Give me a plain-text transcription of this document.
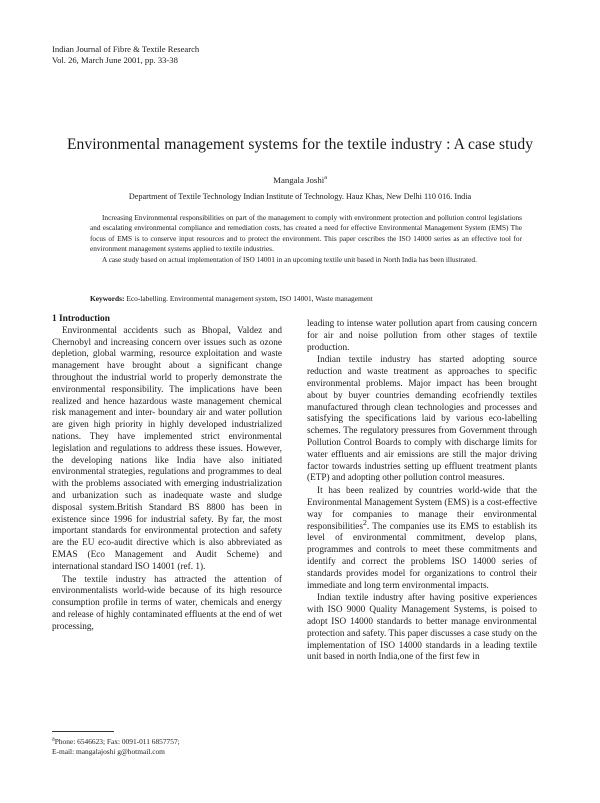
Indian Journal of Fibre & Textile Research
Vol. 26, March June 2001, pp. 33-38
Environmental management systems for the textile industry : A case study
Mangala Joshi$^a$
Department of Textile Technology Indian Institute of Technology. Hauz Khas, New Delhi 110 016. India

Increasing Environmental responsibilities on part of the management to comply with environment protection and pollution control legislations and escalating environmental compliance and remediation costs, has created a need for effective Environmental Management System (EMS) The focus of EMS is to conserve input resources and to protect the environment. This paper cescribes the ISO 14000 series as an effective tool for environment management systems applied to textile industries.

A case study based on actual implementation of ISO 14001 in an upcoming textile unit based in North India has been illustrated.

Keywords: Eco-labelling. Environmental management system, ISO 14001, Waste management
1 Introduction

Environmental accidents such as Bhopal, Valdez and Chernobyl and increasing concern over issues such as ozone depletion, global warming, resource exploitation and waste management have brought about a significant change throughout the industrial world to properly demonstrate the environmental responsibility. The implications have been realized and hence hazardous waste management chemical risk management and inter- boundary air and water pollution are given high priority in highly developed industrialized nations. They have implemented strict environmental legislation and regulations to address these issues. However, the developing nations like India have also initiated environmental strategies, regulations and programmes to deal with the problems associated with emerging industrialization and urbanization such as inadequate waste and sludge disposal system.British Standard BS 8800 has been in existence since 1996 for industrial safety. By far, the most important standards for environmental protection and safety are the EU eco-audit directive which is also abbreviated as EMAS (Eco Management and Audit Scheme) and international standard ISO 14001 (ref. 1).

The textile industry has attracted the attention of environmentalists world-wide because of its high resource consumption profile in terms of water, chemicals and energy and release of highly contaminated effluents at the end of wet processing,

leading to intense water pollution apart from causing concern for air and noise pollution from other stages of textile production.

Indian textile industry has started adopting source reduction and waste treatment as approaches to specific environmental problems. Major impact has been brought about by buyer countries demanding ecofriendly textiles manufactured through clean technologies and processes and satisfying the specifications laid by various eco-labelling schemes. The regulatory pressures from Government through Pollution Control Boards to comply with discharge limits for water effluents and air emissions are still the major driving factor towards industries setting up effluent treatment plants (ETP) and adopting other pollution control measures.

It has been realized by countries world-wide that the Environmental Management System (EMS) is a cost-effective way for companies to manage their environmental responsibilities$^2$. The companies use its EMS to establish its level of environmental commitment, develop plans, programmes and controls to meet these commitments and identify and correct the problems ISO 14000 series of standards provides model for organizations to control their immediate and long term environmental impacts.

Indian textile industry after having positive experiences with ISO 9000 Quality Management Systems, is poised to adopt ISO 14000 standards to better manage environmental protection and safety. This paper discusses a case study on the implementation of ISO 14000 standards in a leading textile unit based in north India,one of the first few in

$^a$Phone: 6546623; Fax: 0091-011 6857757;
E-mail: mangalajoshi g@hotmail.com
